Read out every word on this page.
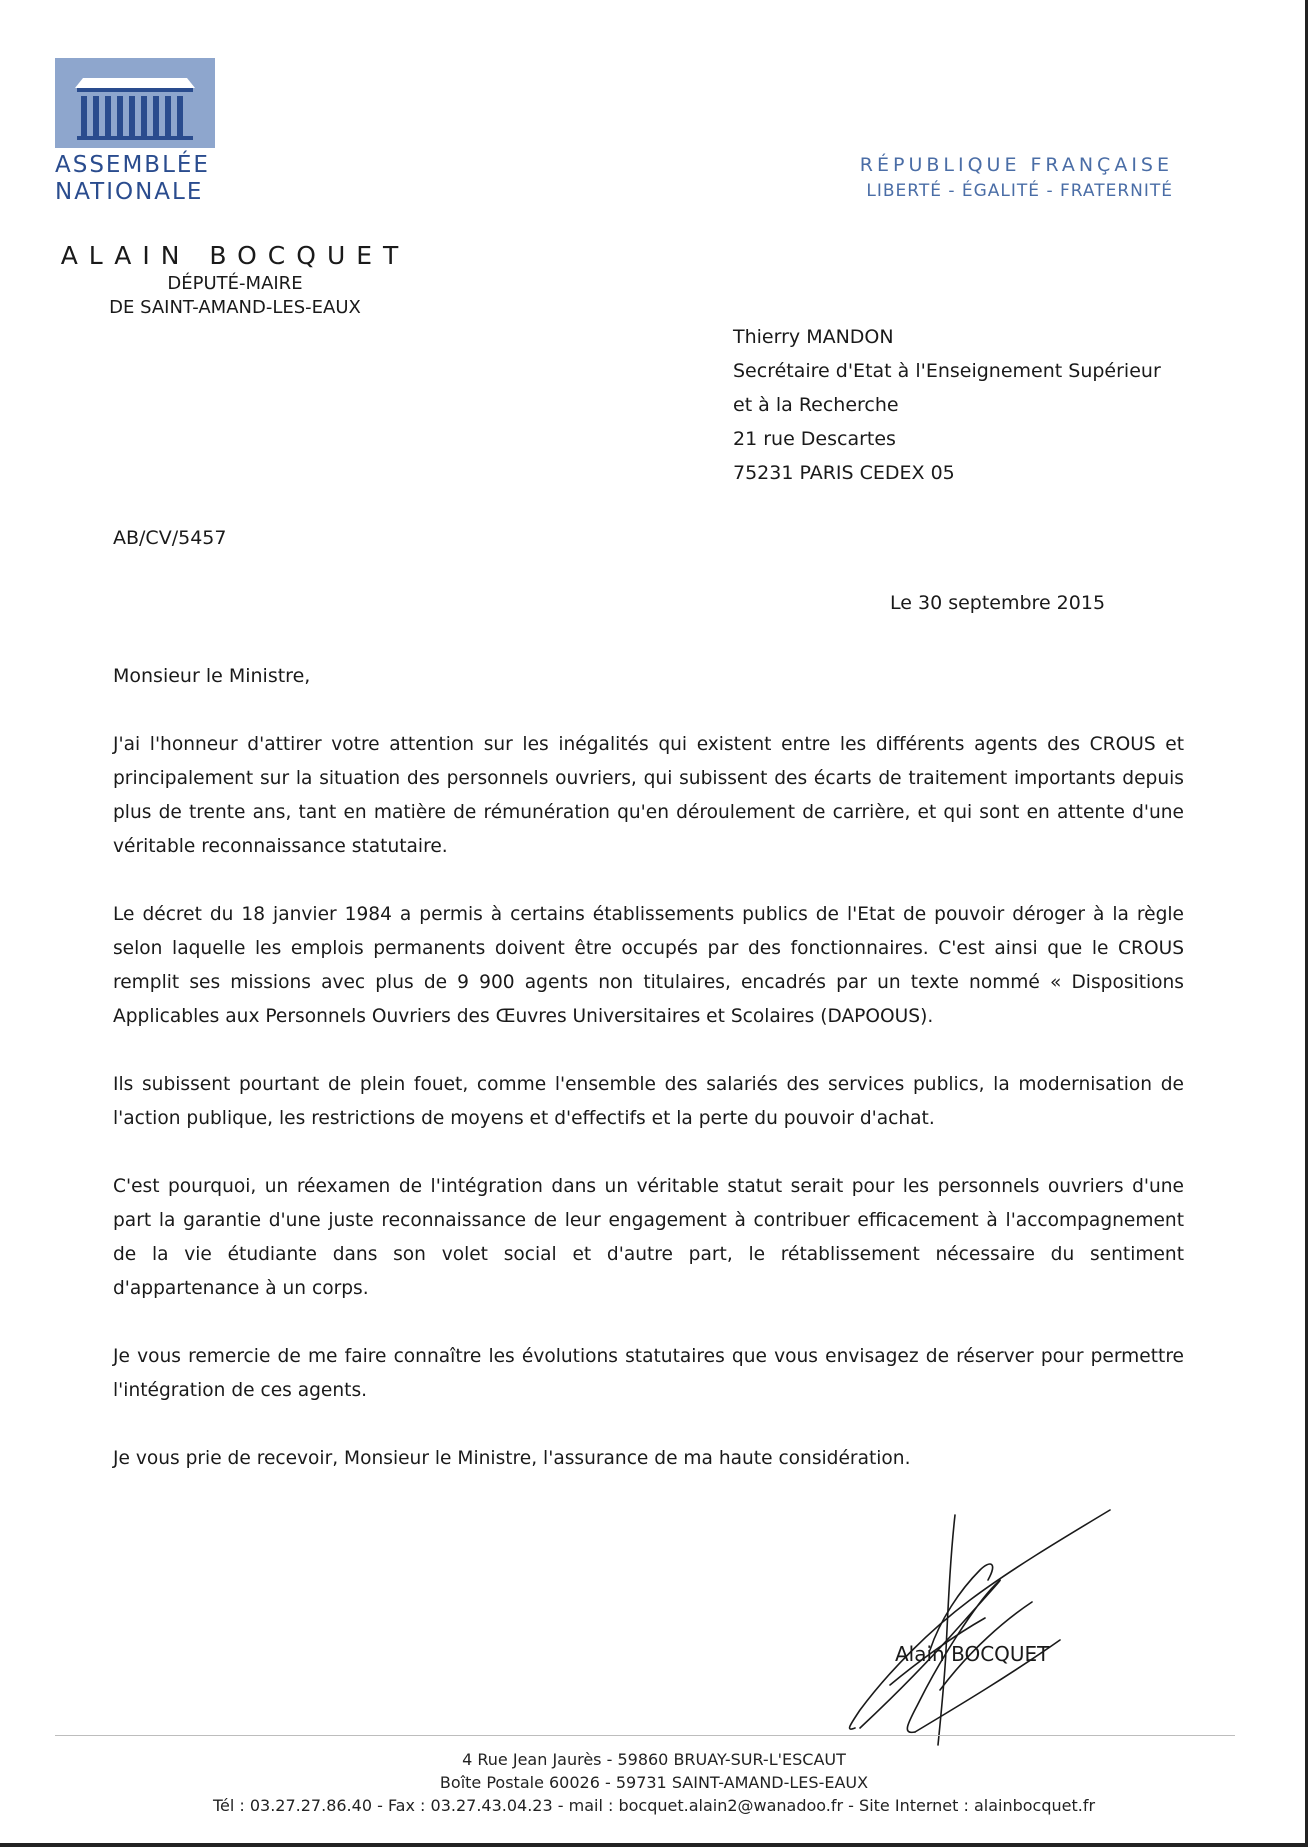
ASSEMBLÉE
NATIONALE
RÉPUBLIQUE FRANÇAISE
LIBERTÉ - ÉGALITÉ - FRATERNITÉ
ALAIN BOCQUET
DÉPUTÉ-MAIRE
DE SAINT-AMAND-LES-EAUX
Thierry MANDON
Secrétaire d'Etat à l'Enseignement Supérieur
et à la Recherche
21 rue Descartes
75231 PARIS CEDEX 05
AB/CV/5457
Le 30 septembre 2015
Monsieur le Ministre,

J'ai l'honneur d'attirer votre attention sur les inégalités qui existent entre les différents agents des CROUS et principalement sur la situation des personnels ouvriers, qui subissent des écarts de traitement importants depuis plus de trente ans, tant en matière de rémunération qu'en déroulement de carrière, et qui sont en attente d'une véritable reconnaissance statutaire.

Le décret du 18 janvier 1984 a permis à certains établissements publics de l'Etat de pouvoir déroger à la règle selon laquelle les emplois permanents doivent être occupés par des fonctionnaires. C'est ainsi que le CROUS remplit ses missions avec plus de 9 900 agents non titulaires, encadrés par un texte nommé « Dispositions Applicables aux Personnels Ouvriers des Œuvres Universitaires et Scolaires (DAPOOUS).

Ils subissent pourtant de plein fouet, comme l'ensemble des salariés des services publics, la modernisation de l'action publique, les restrictions de moyens et d'effectifs et la perte du pouvoir d'achat.

C'est pourquoi, un réexamen de l'intégration dans un véritable statut serait pour les personnels ouvriers d'une part la garantie d'une juste reconnaissance de leur engagement à contribuer efficacement à l'accompagnement de la vie étudiante dans son volet social et d'autre part, le rétablissement nécessaire du sentiment d'appartenance à un corps.

Je vous remercie de me faire connaître les évolutions statutaires que vous envisagez de réserver pour permettre l'intégration de ces agents.

Je vous prie de recevoir, Monsieur le Ministre, l'assurance de ma haute considération.

Alain BOCQUET
4 Rue Jean Jaurès - 59860 BRUAY-SUR-L'ESCAUT
Boîte Postale 60026 - 59731 SAINT-AMAND-LES-EAUX
Tél : 03.27.27.86.40 - Fax : 03.27.43.04.23 - mail : bocquet.alain2@wanadoo.fr - Site Internet : alainbocquet.fr
